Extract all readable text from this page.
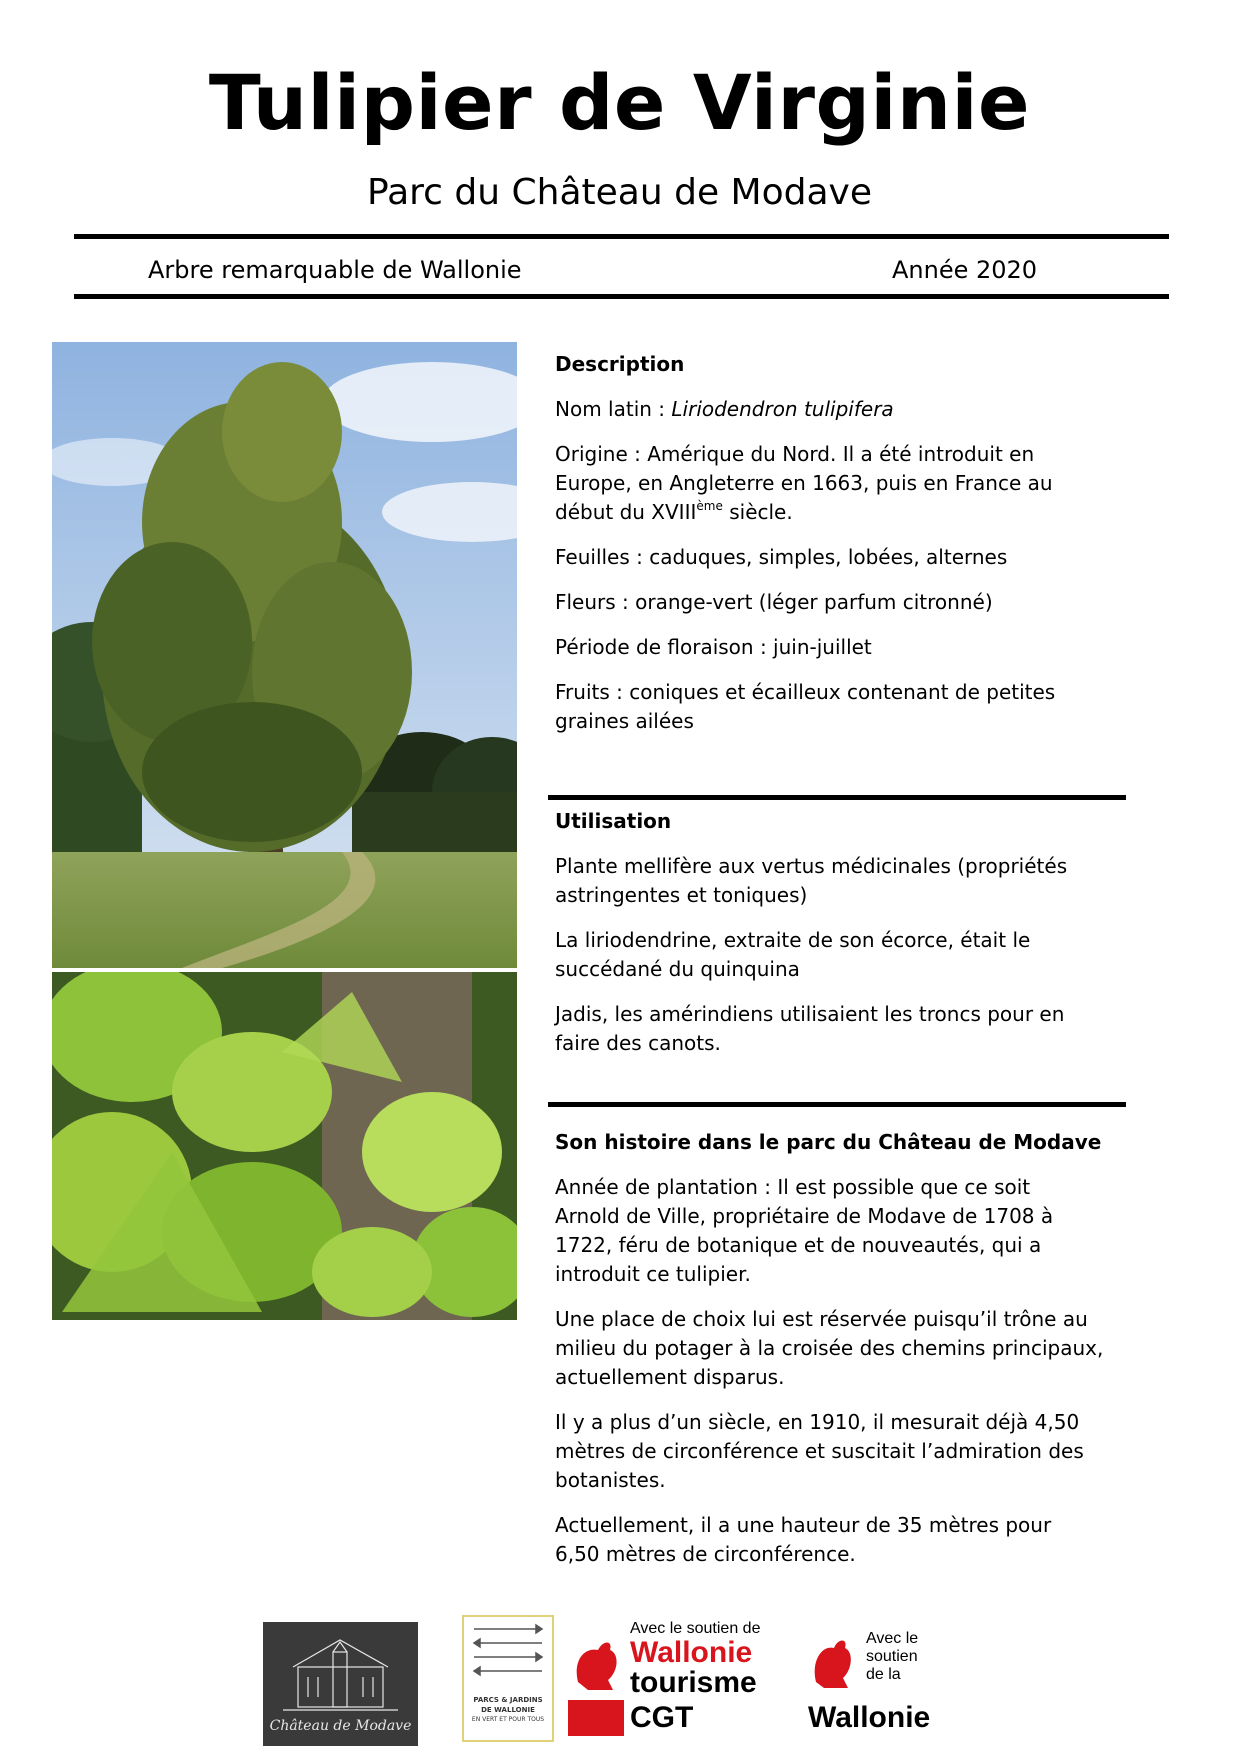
Tulipier de Virginie
Parc du Château de Modave
Arbre remarquable de Wallonie	Année 2020

Description

Nom latin : Liriodendron tulipifera

Origine : Amérique du Nord. Il a été introduit en Europe, en Angleterre en 1663, puis en France au début du XVIIIème siècle.

Feuilles : caduques, simples, lobées, alternes

Fleurs : orange-vert (léger parfum citronné)

Période de floraison : juin-juillet

Fruits : coniques et écailleux contenant de petites graines ailées

Utilisation

Plante mellifère aux vertus médicinales (propriétés astringentes et toniques)

La liriodendrine, extraite de son écorce, était le succédané du quinquina

Jadis, les amérindiens utilisaient les troncs pour en faire des canots.

Son histoire dans le parc du Château de Modave

Année de plantation : Il est possible que ce soit Arnold de Ville, propriétaire de Modave de 1708 à 1722, féru de botanique et de nouveautés, qui a introduit ce tulipier.

Une place de choix lui est réservée puisqu’il trône au milieu du potager à la croisée des chemins principaux, actuellement disparus.

Il y a plus d’un siècle, en 1910, il mesurait déjà 4,50 mètres de circonférence et suscitait l’admiration des botanistes.

Actuellement, il a une hauteur de 35 mètres pour 6,50 mètres de circonférence.

Château de Modave
PARCS & JARDINS
DE WALLONIE
EN VERT ET POUR TOUS
Avec le soutien de
Wallonie
tourisme
CGT
Avec le
soutien
de la
Wallonie
